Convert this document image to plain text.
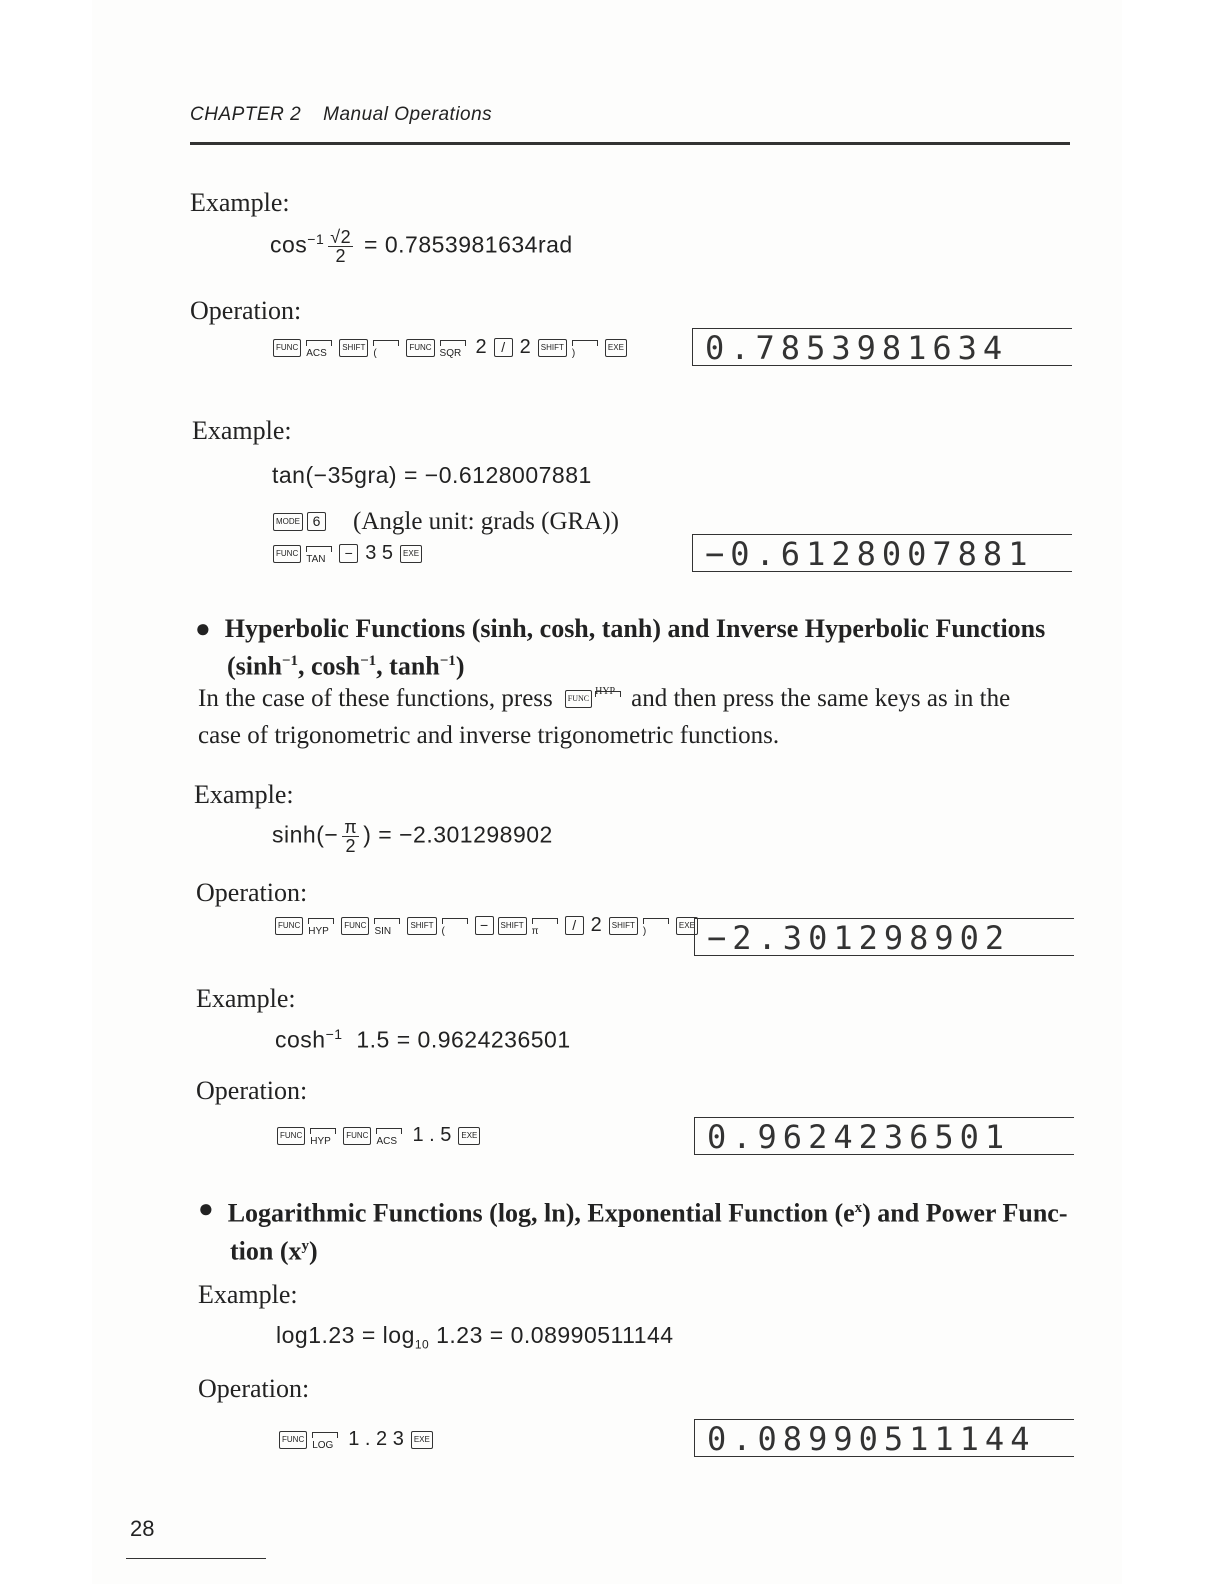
CHAPTER 2 Manual Operations
Example:
$\cos^{-1} \frac{√2}{2} = 0.7853981634rad$
Operation:
FUNC
ACS
SHIFT
(
FUNC
SQR 2	/ 2	SHIFT
)
EXE	0.7853981634
Example:
tan(−35gra) = −0.6128007881
MODE 6 (Angle unit: grads (GRA))
FUNC
TAN	− 3 5	EXE	−0.6128007881
● Hyperbolic Functions (sinh, cosh, tanh) and Inverse Hyperbolic Functions
($\sinh^{-1}$, $\cosh^{-1}$, $\tanh^{-1}$)
In the case of these functions, press	FUNC
HYP and then press the same keys as in the
case of trigonometric and inverse trigonometric functions.
Example:
$\sinh(- \frac{\pi}{2}$ ) = −2.301298902
Operation:
FUNC
HYP
FUNC
SIN
SHIFT
(	−	SHIFT
π	/ 2	SHIFT
)
EXE −2.301298902
Example:
$\cosh^{-1} 1.5 = 0.9624236501$
Operation:
FUNC
HYP
FUNC
ACS 1 . 5	EXE	0.9624236501
● Logarithmic Functions (log, ln), Exponential Function $(e^x)$ and Power Func-
tion $(x^y)$
Example:
$\log 1.23 = \log_{10} 1.23 = 0.08990511144$
Operation:
FUNC
LOG 1 . 2 3	EXE	0.08990511144
28
